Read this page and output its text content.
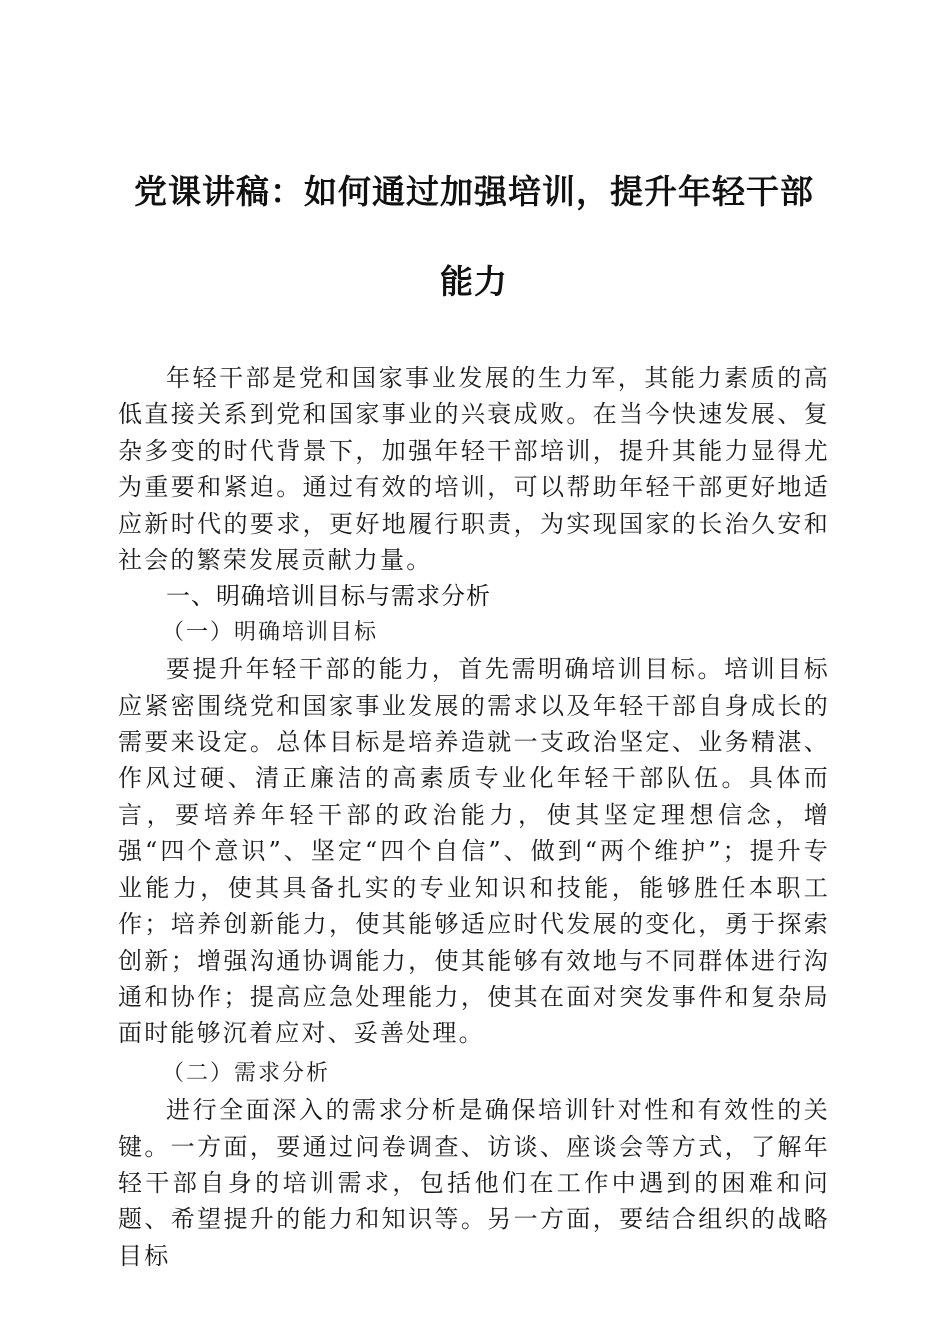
党课讲稿：如何通过加强培训，提升年轻干部
能力

年轻干部是党和国家事业发展的生力军，其能力素质的高低直接关系到党和国家事业的兴衰成败。在当今快速发展、复杂多变的时代背景下，加强年轻干部培训，提升其能力显得尤为重要和紧迫。通过有效的培训，可以帮助年轻干部更好地适应新时代的要求，更好地履行职责，为实现国家的长治久安和社会的繁荣发展贡献力量。

一、明确培训目标与需求分析

（一）明确培训目标

要提升年轻干部的能力，首先需明确培训目标。培训目标应紧密围绕党和国家事业发展的需求以及年轻干部自身成长的需要来设定。总体目标是培养造就一支政治坚定、业务精湛、作风过硬、清正廉洁的高素质专业化年轻干部队伍。具体而言，要培养年轻干部的政治能力，使其坚定理想信念，增强“四个意识”、坚定“四个自信”、做到“两个维护”；提升专业能力，使其具备扎实的专业知识和技能，能够胜任本职工作；培养创新能力，使其能够适应时代发展的变化，勇于探索创新；增强沟通协调能力，使其能够有效地与不同群体进行沟通和协作；提高应急处理能力，使其在面对突发事件和复杂局面时能够沉着应对、妥善处理。

（二）需求分析

进行全面深入的需求分析是确保培训针对性和有效性的关键。一方面，要通过问卷调查、访谈、座谈会等方式，了解年轻干部自身的培训需求，包括他们在工作中遇到的困难和问题、希望提升的能力和知识等。另一方面，要结合组织的战略目标
